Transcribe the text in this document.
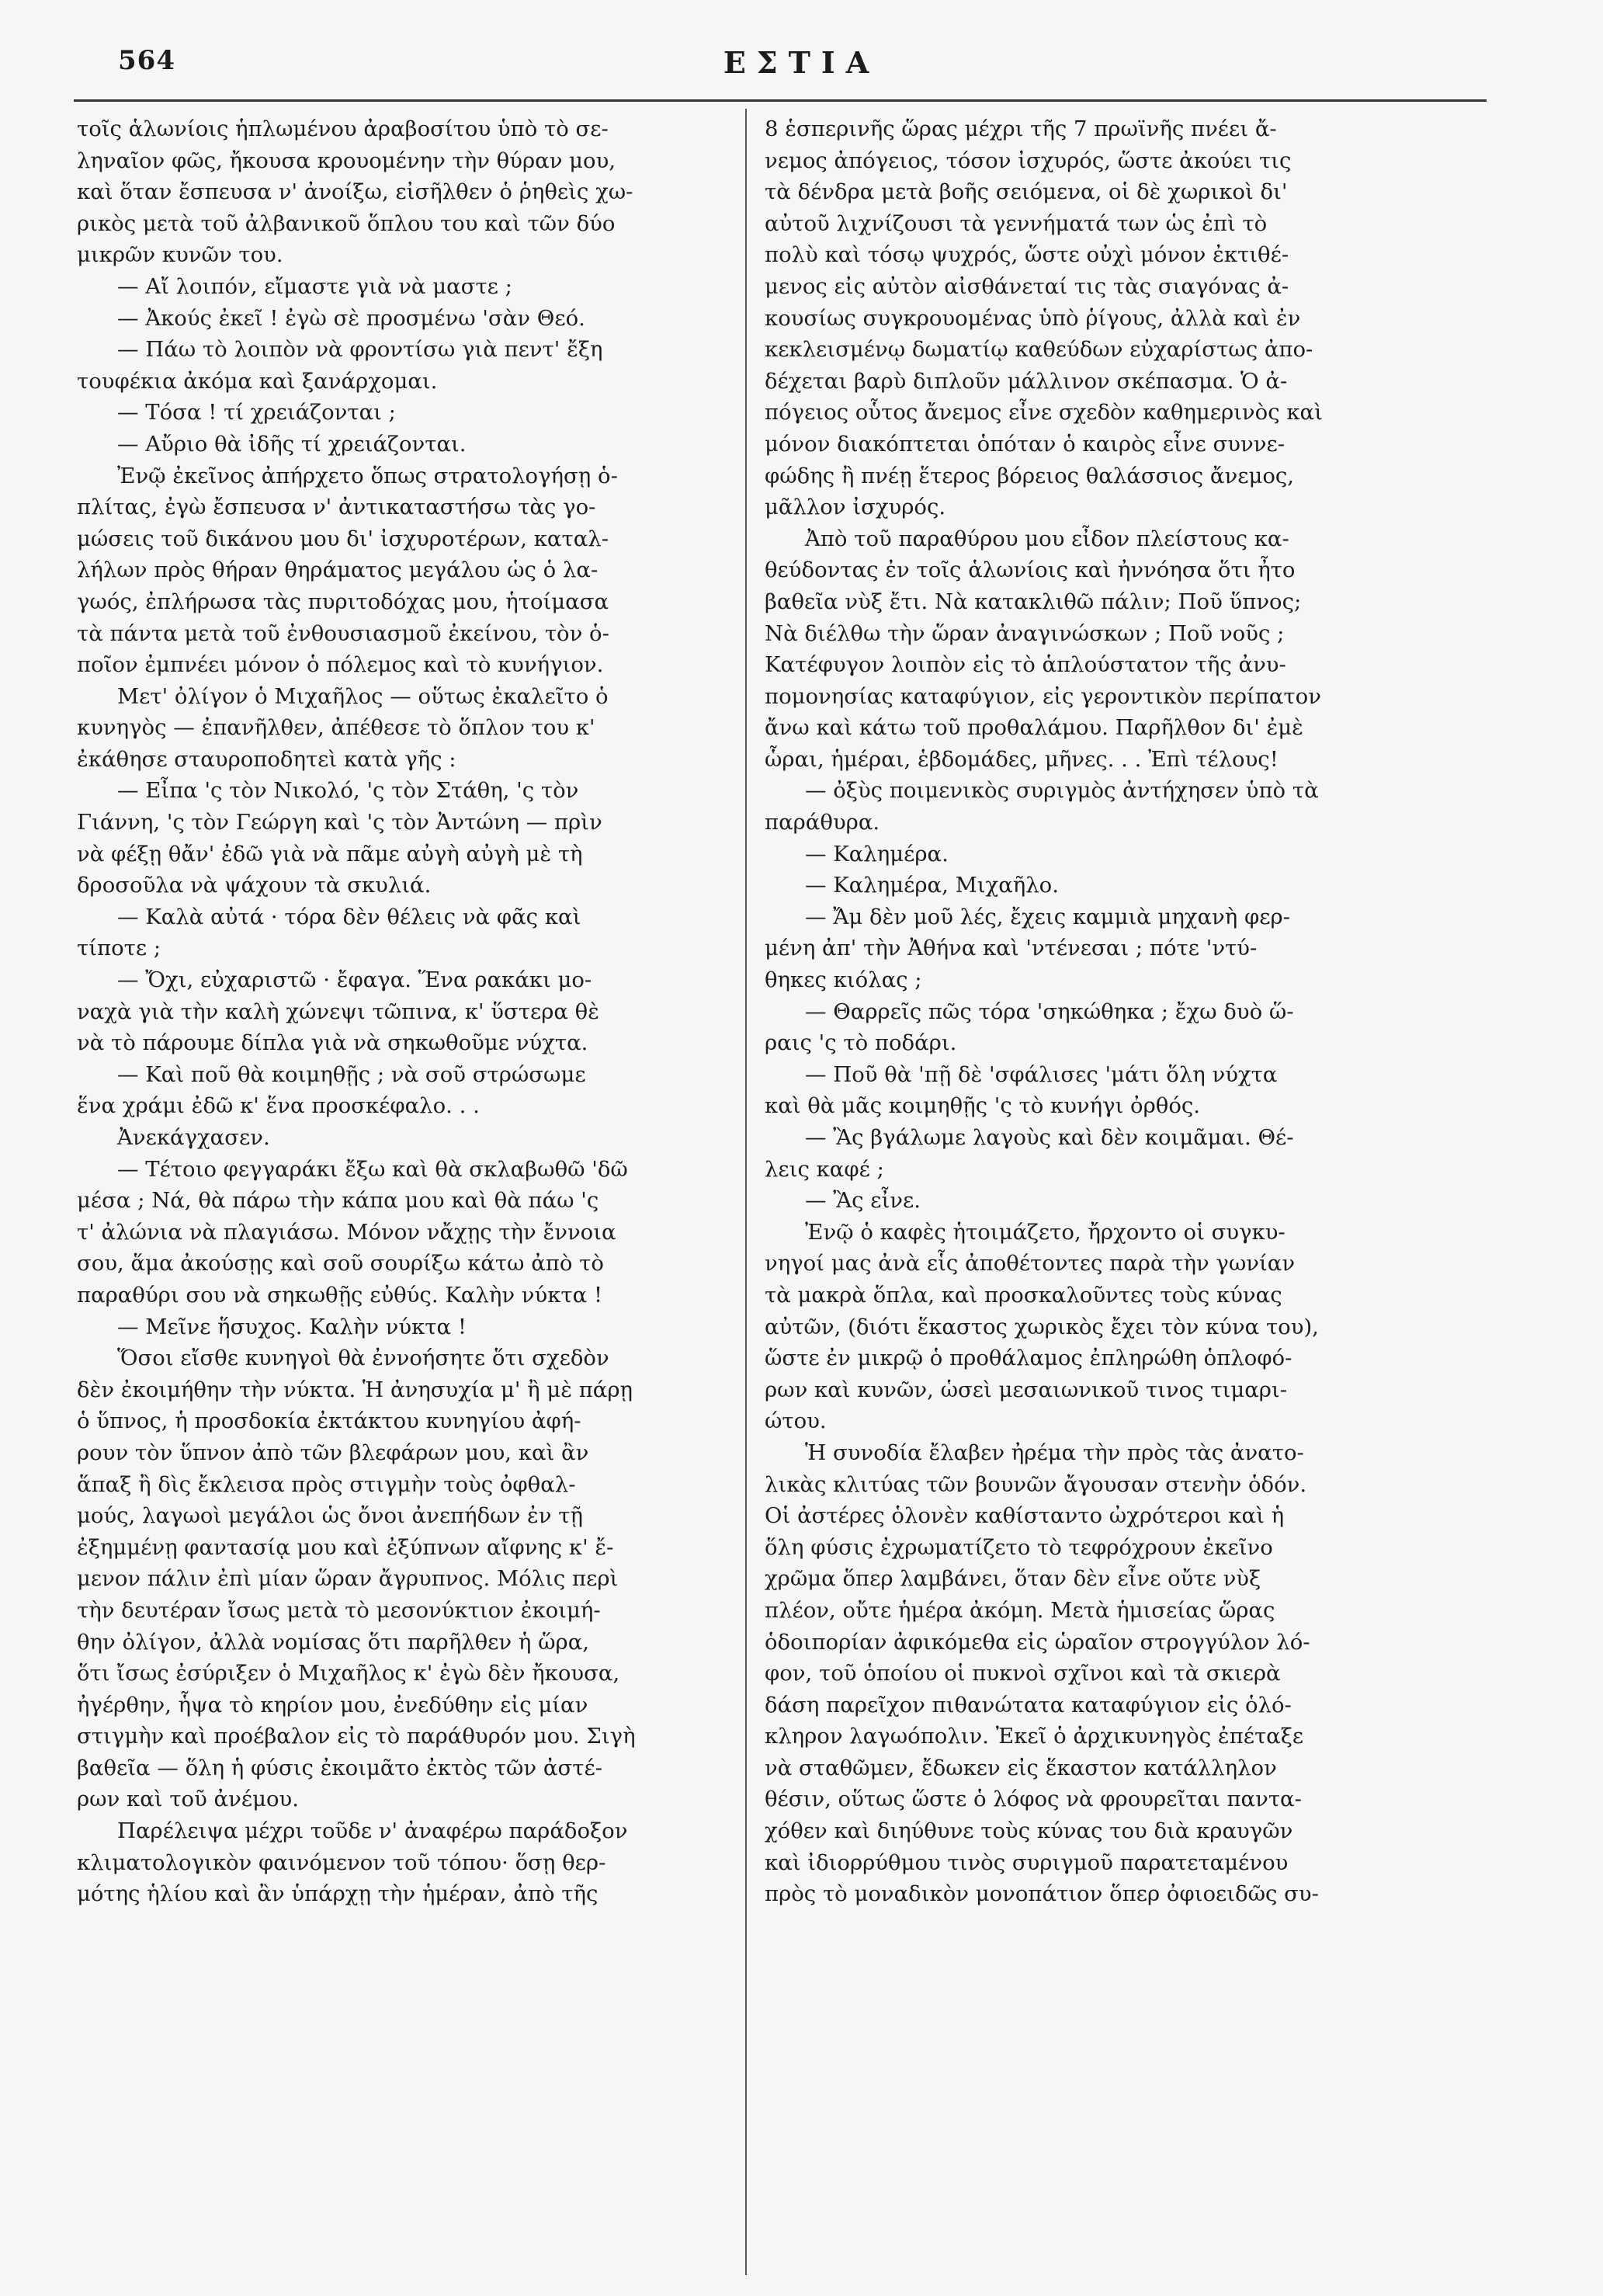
564	ΕΣΤΙΑ
τοῖς ἁλωνίοις ἡπλωμένου ἀραβοσίτου ὑπὸ τὸ σε-
ληναῖον φῶς, ἤκουσα κρουομένην τὴν θύραν μου,
καὶ ὅταν ἔσπευσα ν' ἀνοίξω, εἰσῆλθεν ὁ ῥηθεὶς χω-
ρικὸς μετὰ τοῦ ἀλβανικοῦ ὅπλου του καὶ τῶν δύο
μικρῶν κυνῶν του.
— Αἴ λοιπόν, εἴμαστε γιὰ νὰ μαστε ;
— Ἀκούς ἐκεῖ ! ἐγὼ σὲ προσμένω 'σὰν Θεό.
— Πάω τὸ λοιπὸν νὰ φροντίσω γιὰ πεντ' ἔξη
τουφέκια ἀκόμα καὶ ξανάρχομαι.
— Τόσα ! τί χρειάζονται ;
— Αὔριο θὰ ἰδῆς τί χρειάζονται.
Ἐνῷ ἐκεῖνος ἀπήρχετο ὅπως στρατολογήσῃ ὁ-
πλίτας, ἐγὼ ἔσπευσα ν' ἀντικαταστήσω τὰς γο-
μώσεις τοῦ δικάνου μου δι' ἰσχυροτέρων, καταλ-
λήλων πρὸς θήραν θηράματος μεγάλου ὡς ὁ λα-
γωός, ἐπλήρωσα τὰς πυριτοδόχας μου, ἡτοίμασα
τὰ πάντα μετὰ τοῦ ἐνθουσιασμοῦ ἐκείνου, τὸν ὁ-
ποῖον ἐμπνέει μόνον ὁ πόλεμος καὶ τὸ κυνήγιον.
Μετ' ὀλίγον ὁ Μιχαῆλος — οὕτως ἐκαλεῖτο ὁ
κυνηγὸς — ἐπανῆλθεν, ἀπέθεσε τὸ ὅπλον του κ'
ἐκάθησε σταυροποδητεὶ κατὰ γῆς :
— Εἶπα 'ς τὸν Νικολό, 'ς τὸν Στάθη, 'ς τὸν
Γιάννη, 'ς τὸν Γεώργη καὶ 'ς τὸν Ἀντώνη — πρὶν
νὰ φέξῃ θἄν' ἐδῶ γιὰ νὰ πᾶμε αὐγὴ αὐγὴ μὲ τὴ
δροσοῦλα νὰ ψάχουν τὰ σκυλιά.
— Καλὰ αὐτά · τόρα δὲν θέλεις νὰ φᾶς καὶ
τίποτε ;
— Ὄχι, εὐχαριστῶ · ἔφαγα. Ἕνα ρακάκι μο-
ναχὰ γιὰ τὴν καλὴ χώνεψι τῶπινα, κ' ὕστερα θὲ
νὰ τὸ πάρουμε δίπλα γιὰ νὰ σηκωθοῦμε νύχτα.
— Καὶ ποῦ θὰ κοιμηθῇς ; νὰ σοῦ στρώσωμε
ἕνα χράμι ἐδῶ κ' ἕνα προσκέφαλο. . .
Ἀνεκάγχασεν.
— Τέτοιο φεγγαράκι ἔξω καὶ θὰ σκλαβωθῶ 'δῶ
μέσα ; Νά, θὰ πάρω τὴν κάπα μου καὶ θὰ πάω 'ς
τ' ἀλώνια νὰ πλαγιάσω. Μόνον νἄχῃς τὴν ἔννοια
σου, ἅμα ἀκούσῃς καὶ σοῦ σουρίξω κάτω ἀπὸ τὸ
παραθύρι σου νὰ σηκωθῇς εὐθύς. Καλὴν νύκτα !
— Μεῖνε ἥσυχος. Καλὴν νύκτα !
Ὅσοι εἴσθε κυνηγοὶ θὰ ἐννοήσητε ὅτι σχεδὸν
δὲν ἐκοιμήθην τὴν νύκτα. Ἡ ἀνησυχία μ' ἢ μὲ πάρῃ
ὁ ὕπνος, ἡ προσδοκία ἐκτάκτου κυνηγίου ἀφή-
ρουν τὸν ὕπνον ἀπὸ τῶν βλεφάρων μου, καὶ ἂν
ἅπαξ ἢ δὶς ἔκλεισα πρὸς στιγμὴν τοὺς ὀφθαλ-
μούς, λαγωοὶ μεγάλοι ὡς ὄνοι ἀνεπήδων ἐν τῇ
ἐξημμένῃ φαντασίᾳ μου καὶ ἐξύπνων αἴφνης κ' ἔ-
μενον πάλιν ἐπὶ μίαν ὥραν ἄγρυπνος. Μόλις περὶ
τὴν δευτέραν ἴσως μετὰ τὸ μεσονύκτιον ἐκοιμή-
θην ὀλίγον, ἀλλὰ νομίσας ὅτι παρῆλθεν ἡ ὥρα,
ὅτι ἴσως ἐσύριξεν ὁ Μιχαῆλος κ' ἐγὼ δὲν ἤκουσα,
ἠγέρθην, ἧψα τὸ κηρίον μου, ἐνεδύθην εἰς μίαν
στιγμὴν καὶ προέβαλον εἰς τὸ παράθυρόν μου. Σιγὴ
βαθεῖα — ὅλη ἡ φύσις ἐκοιμᾶτο ἐκτὸς τῶν ἀστέ-
ρων καὶ τοῦ ἀνέμου.
Παρέλειψα μέχρι τοῦδε ν' ἀναφέρω παράδοξον
κλιματολογικὸν φαινόμενον τοῦ τόπου· ὅσῃ θερ-
μότης ἡλίου καὶ ἂν ὑπάρχῃ τὴν ἡμέραν, ἀπὸ τῆς
8 ἑσπερινῆς ὥρας μέχρι τῆς 7 πρωϊνῆς πνέει ἄ-
νεμος ἀπόγειος, τόσον ἰσχυρός, ὥστε ἀκούει τις
τὰ δένδρα μετὰ βοῆς σειόμενα, οἱ δὲ χωρικοὶ δι'
αὐτοῦ λιχνίζουσι τὰ γεννήματά των ὡς ἐπὶ τὸ
πολὺ καὶ τόσῳ ψυχρός, ὥστε οὐχὶ μόνον ἐκτιθέ-
μενος εἰς αὐτὸν αἰσθάνεταί τις τὰς σιαγόνας ἀ-
κουσίως συγκρουομένας ὑπὸ ῥίγους, ἀλλὰ καὶ ἐν
κεκλεισμένῳ δωματίῳ καθεύδων εὐχαρίστως ἀπο-
δέχεται βαρὺ διπλοῦν μάλλινον σκέπασμα. Ὁ ἀ-
πόγειος οὗτος ἄνεμος εἶνε σχεδὸν καθημερινὸς καὶ
μόνον διακόπτεται ὁπόταν ὁ καιρὸς εἶνε συννε-
φώδης ἢ πνέῃ ἕτερος βόρειος θαλάσσιος ἄνεμος,
μᾶλλον ἰσχυρός.
Ἀπὸ τοῦ παραθύρου μου εἶδον πλείστους κα-
θεύδοντας ἐν τοῖς ἁλωνίοις καὶ ἠννόησα ὅτι ἦτο
βαθεῖα νὺξ ἔτι. Νὰ κατακλιθῶ πάλιν; Ποῦ ὕπνος;
Νὰ διέλθω τὴν ὥραν ἀναγινώσκων ; Ποῦ νοῦς ;
Κατέφυγον λοιπὸν εἰς τὸ ἁπλούστατον τῆς ἀνυ-
πομονησίας καταφύγιον, εἰς γεροντικὸν περίπατον
ἄνω καὶ κάτω τοῦ προθαλάμου. Παρῆλθον δι' ἐμὲ
ὧραι, ἡμέραι, ἑβδομάδες, μῆνες. . . Ἐπὶ τέλους!
— ὀξὺς ποιμενικὸς συριγμὸς ἀντήχησεν ὑπὸ τὰ
παράθυρα.
— Καλημέρα.
— Καλημέρα, Μιχαῆλο.
— Ἄμ δὲν μοῦ λές, ἔχεις καμμιὰ μηχανὴ φερ-
μένη ἀπ' τὴν Ἀθήνα καὶ 'ντένεσαι ; πότε 'ντύ-
θηκες κιόλας ;
— Θαρρεῖς πῶς τόρα 'σηκώθηκα ; ἔχω δυὸ ὥ-
ραις 'ς τὸ ποδάρι.
— Ποῦ θὰ 'πῇ δὲ 'σφάλισες 'μάτι ὅλη νύχτα
καὶ θὰ μᾶς κοιμηθῇς 'ς τὸ κυνήγι ὀρθός.
— Ἂς βγάλωμε λαγοὺς καὶ δὲν κοιμᾶμαι. Θέ-
λεις καφέ ;
— Ἂς εἶνε.
Ἐνῷ ὁ καφὲς ἡτοιμάζετο, ἤρχοντο οἱ συγκυ-
νηγοί μας ἀνὰ εἷς ἀποθέτοντες παρὰ τὴν γωνίαν
τὰ μακρὰ ὅπλα, καὶ προσκαλοῦντες τοὺς κύνας
αὐτῶν, (διότι ἕκαστος χωρικὸς ἔχει τὸν κύνα του),
ὥστε ἐν μικρῷ ὁ προθάλαμος ἐπληρώθη ὁπλοφό-
ρων καὶ κυνῶν, ὡσεὶ μεσαιωνικοῦ τινος τιμαρι-
ώτου.
Ἡ συνοδία ἔλαβεν ἠρέμα τὴν πρὸς τὰς ἀνατο-
λικὰς κλιτύας τῶν βουνῶν ἄγουσαν στενὴν ὁδόν.
Οἱ ἀστέρες ὁλονὲν καθίσταντο ὠχρότεροι καὶ ἡ
ὅλη φύσις ἐχρωματίζετο τὸ τεφρόχρουν ἐκεῖνο
χρῶμα ὅπερ λαμβάνει, ὅταν δὲν εἶνε οὔτε νὺξ
πλέον, οὔτε ἡμέρα ἀκόμη. Μετὰ ἡμισείας ὥρας
ὁδοιπορίαν ἀφικόμεθα εἰς ὡραῖον στρογγύλον λό-
φον, τοῦ ὁποίου οἱ πυκνοὶ σχῖνοι καὶ τὰ σκιερὰ
δάση παρεῖχον πιθανώτατα καταφύγιον εἰς ὁλό-
κληρον λαγωόπολιν. Ἐκεῖ ὁ ἀρχικυνηγὸς ἐπέταξε
νὰ σταθῶμεν, ἔδωκεν εἰς ἕκαστον κατάλληλον
θέσιν, οὕτως ὥστε ὁ λόφος νὰ φρουρεῖται παντα-
χόθεν καὶ διηύθυνε τοὺς κύνας του διὰ κραυγῶν
καὶ ἰδιορρύθμου τινὸς συριγμοῦ παρατεταμένου
πρὸς τὸ μοναδικὸν μονοπάτιον ὅπερ ὀφιοειδῶς συ-
